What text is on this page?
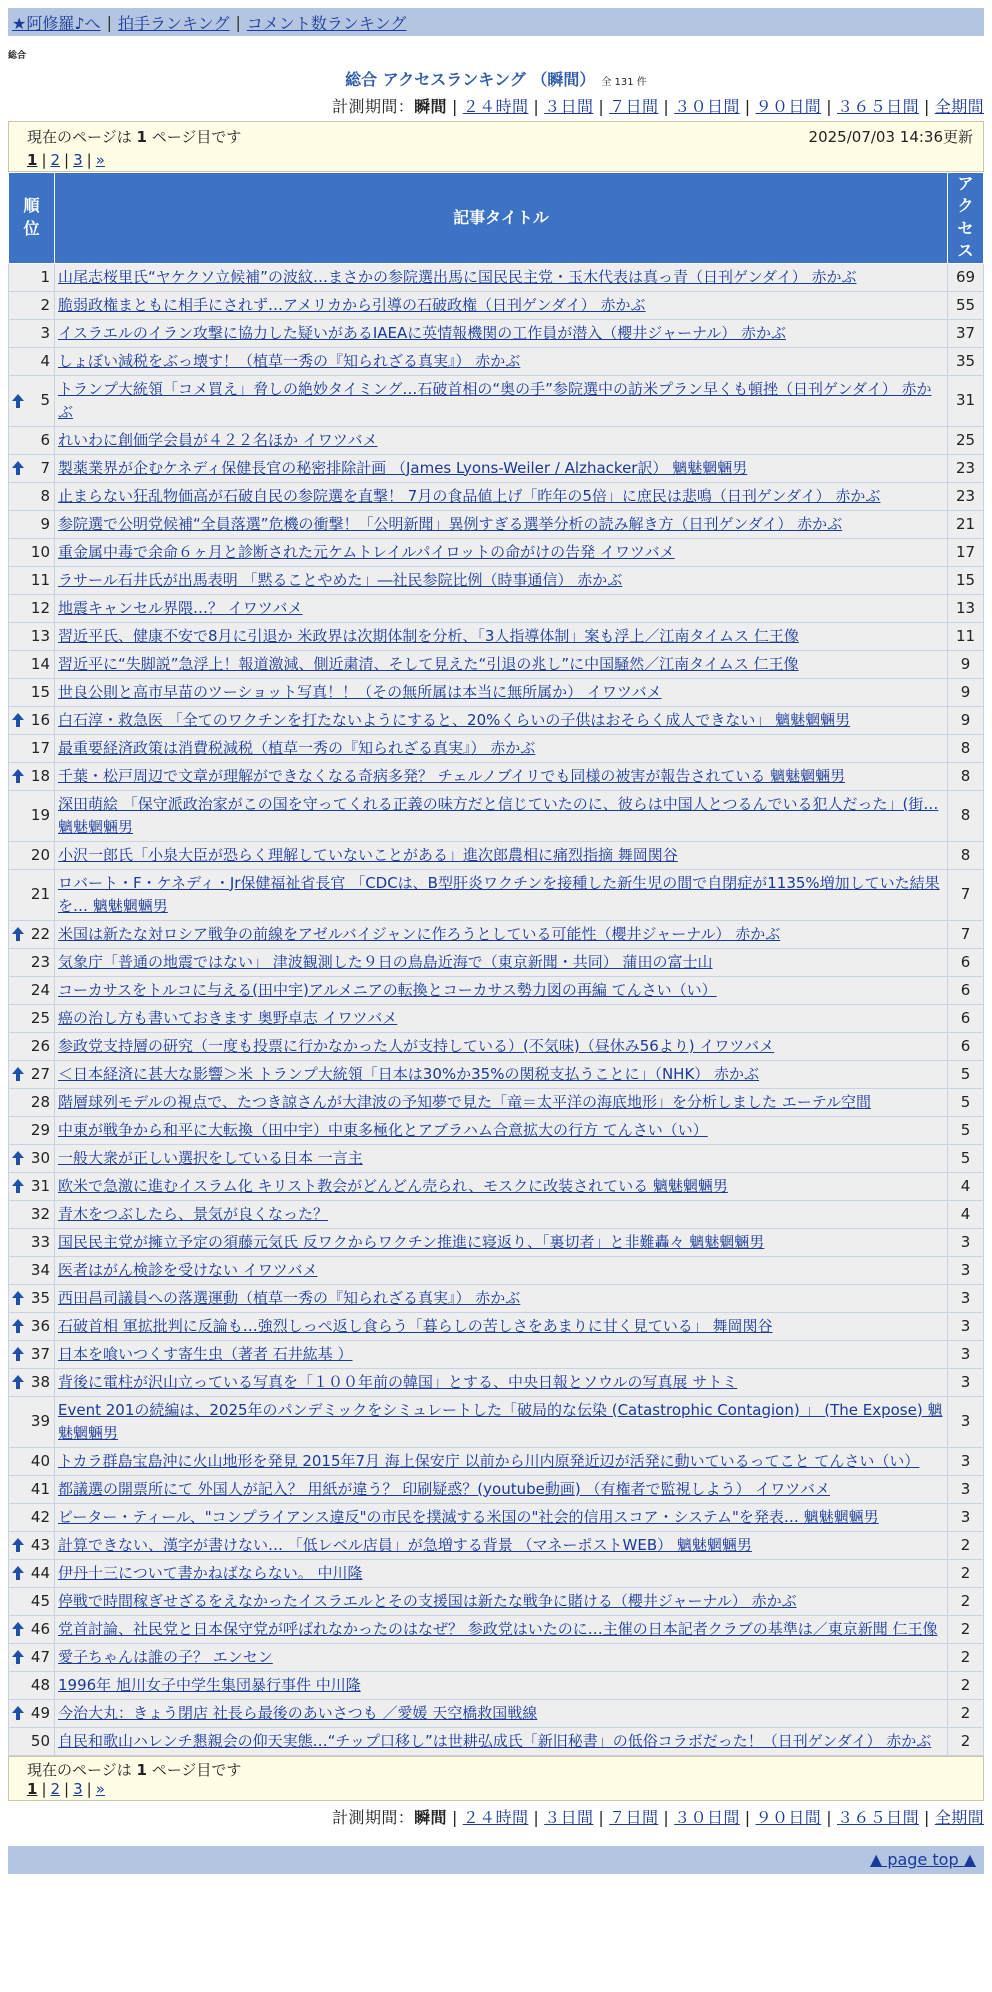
★阿修羅♪へ | 拍手ランキング | コメント数ランキング
総合
総合 アクセスランキング （瞬間） 全 131 件
計測期間：瞬間 | ２４時間 | ３日間 | ７日間 | ３０日間 | ９０日間 | ３６５日間 | 全期間
現在のページは 1 ページ目です	2025/07/03 14:36更新
1 | 2 | 3 | »
順位	記事タイトル	アクセス
1	山尾志桜里氏“ヤケクソ立候補”の波紋…まさかの参院選出馬に国民民主党・玉木代表は真っ青（日刊ゲンダイ） 赤かぶ	69
2	脆弱政権まともに相手にされず…アメリカから引導の石破政権（日刊ゲンダイ） 赤かぶ	55
3	イスラエルのイラン攻撃に協力した疑いがあるIAEAに英情報機関の工作員が潜入（櫻井ジャーナル） 赤かぶ	37
4	しょぼい減税をぶっ壊す！（植草一秀の『知られざる真実』） 赤かぶ	35

5	トランプ大統領「コメ買え」脅しの絶妙タイミング…石破首相の“奥の手”参院選中の訪米プラン早くも頓挫（日刊ゲンダイ） 赤かぶ	31
6	れいわに創価学会員が４２２名ほか イワツバメ	25

7	製薬業界が企むケネディ保健長官の秘密排除計画 （James Lyons-Weiler / Alzhacker訳） 魑魅魍魎男	23
8	止まらない狂乱物価高が石破自民の参院選を直撃！ 7月の食品値上げ「昨年の5倍」に庶民は悲鳴（日刊ゲンダイ） 赤かぶ	23
9	参院選で公明党候補“全員落選”危機の衝撃！「公明新聞」異例すぎる選挙分析の読み解き方（日刊ゲンダイ） 赤かぶ	21
10	重金属中毒で余命６ヶ月と診断された元ケムトレイルパイロットの命がけの告発 イワツバメ	17
11	ラサール石井氏が出馬表明 「黙ることやめた」―社民参院比例（時事通信） 赤かぶ	15
12	地震キャンセル界隈…？ イワツバメ	13
13	習近平氏、健康不安で8月に引退か 米政界は次期体制を分析、「3人指導体制」案も浮上／江南タイムス 仁王像	11
14	習近平に“失脚説”急浮上！報道激減、側近粛清、そして見えた“引退の兆し”に中国騒然／江南タイムス 仁王像	9
15	世良公則と高市早苗のツーショット写真！！（その無所属は本当に無所属か） イワツバメ	9

16	白石淳・救急医 「全てのワクチンを打たないようにすると、20%くらいの子供はおそらく成人できない」 魑魅魍魎男	9
17	最重要経済政策は消費税減税（植草一秀の『知られざる真実』） 赤かぶ	8

18	千葉・松戸周辺で文章が理解ができなくなる奇病多発？ チェルノブイリでも同様の被害が報告されている 魑魅魍魎男	8
19	深田萌絵 「保守派政治家がこの国を守ってくれる正義の味方だと信じていたのに、彼らは中国人とつるんでいる犯人だった」(街… 魑魅魍魎男	8
20	小沢一郎氏「小泉大臣が恐らく理解していないことがある」進次郎農相に痛烈指摘 舞岡関谷	8
21	ロバート・F・ケネディ・Jr保健福祉省長官 「CDCは、B型肝炎ワクチンを接種した新生児の間で自閉症が1135%増加していた結果を… 魑魅魍魎男	7

22	米国は新たな対ロシア戦争の前線をアゼルバイジャンに作ろうとしている可能性（櫻井ジャーナル） 赤かぶ	7
23	気象庁「普通の地震ではない」 津波観測した９日の鳥島近海で（東京新聞・共同） 蒲田の富士山	6
24	コーカサスをトルコに与える(田中宇)アルメニアの転換とコーカサス勢力図の再編 てんさい（い）	6
25	癌の治し方も書いておきます 奥野卓志 イワツバメ	6
26	参政党支持層の研究（一度も投票に行かなかった人が支持している）(不気味)（昼休み56より) イワツバメ	6

27	＜日本経済に甚大な影響＞米 トランプ大統領「日本は30%か35%の関税支払うことに」（NHK） 赤かぶ	5
28	階層球列モデルの視点で、たつき諒さんが大津波の予知夢で見た「竜＝太平洋の海底地形」を分析しました エーテル空間	5
29	中東が戦争から和平に大転換（田中宇）中東多極化とアブラハム合意拡大の行方 てんさい（い）	5

30	一般大衆が正しい選択をしている日本 一言主	5

31	欧米で急激に進むイスラム化 キリスト教会がどんどん売られ、モスクに改装されている 魑魅魍魎男	4
32	青木をつぶしたら、景気が良くなった？	4
33	国民民主党が擁立予定の須藤元気氏 反ワクからワクチン推進に寝返り、「裏切者」と非難轟々 魑魅魍魎男	3
34	医者はがん検診を受けない イワツバメ	3

35	西田昌司議員への落選運動（植草一秀の『知られざる真実』） 赤かぶ	3

36	石破首相 軍拡批判に反論も…強烈しっぺ返し食らう「暮らしの苦しさをあまりに甘く見ている」 舞岡関谷	3

37	日本を喰いつくす寄生虫（著者 石井紘基 ）	3

38	背後に電柱が沢山立っている写真を「１００年前の韓国」とする、中央日報とソウルの写真展 サトミ	3
39	Event 201の続編は、2025年のパンデミックをシミュレートした「破局的な伝染 (Catastrophic Contagion) 」 (The Expose) 魑魅魍魎男	3
40	トカラ群島宝島沖に火山地形を発見 2015年7月 海上保安庁 以前から川内原発近辺が活発に動いているってこと てんさい（い）	3
41	都議選の開票所にて 外国人が記入？ 用紙が違う？ 印刷疑惑？(youtube動画) （有権者で監視しよう） イワツバメ	3
42	ピーター・ティール、"コンプライアンス違反"の市民を撲滅する米国の"社会的信用スコア・システム"を発表… 魑魅魍魎男	3

43	計算できない、漢字が書けない… 「低レベル店員」が急増する背景 （マネーポストWEB） 魑魅魍魎男	2

44	伊丹十三について書かねばならない。 中川隆	2
45	停戦で時間稼ぎせざるをえなかったイスラエルとその支援国は新たな戦争に賭ける（櫻井ジャーナル） 赤かぶ	2

46	党首討論、社民党と日本保守党が呼ばれなかったのはなぜ？ 参政党はいたのに…主催の日本記者クラブの基準は／東京新聞 仁王像	2

47	愛子ちゃんは誰の子？ エンセン	2
48	1996年 旭川女子中学生集団暴行事件 中川隆	2

49	今治大丸：きょう閉店 社長ら最後のあいさつも ／愛媛 天空橋救国戦線	2
50	自民和歌山ハレンチ懇親会の仰天実態…“チップ口移し”は世耕弘成氏「新旧秘書」の低俗コラボだった！（日刊ゲンダイ） 赤かぶ	2
現在のページは 1 ページ目です
1 | 2 | 3 | »
計測期間：瞬間 | ２４時間 | ３日間 | ７日間 | ３０日間 | ９０日間 | ３６５日間 | 全期間
▲ page top ▲
